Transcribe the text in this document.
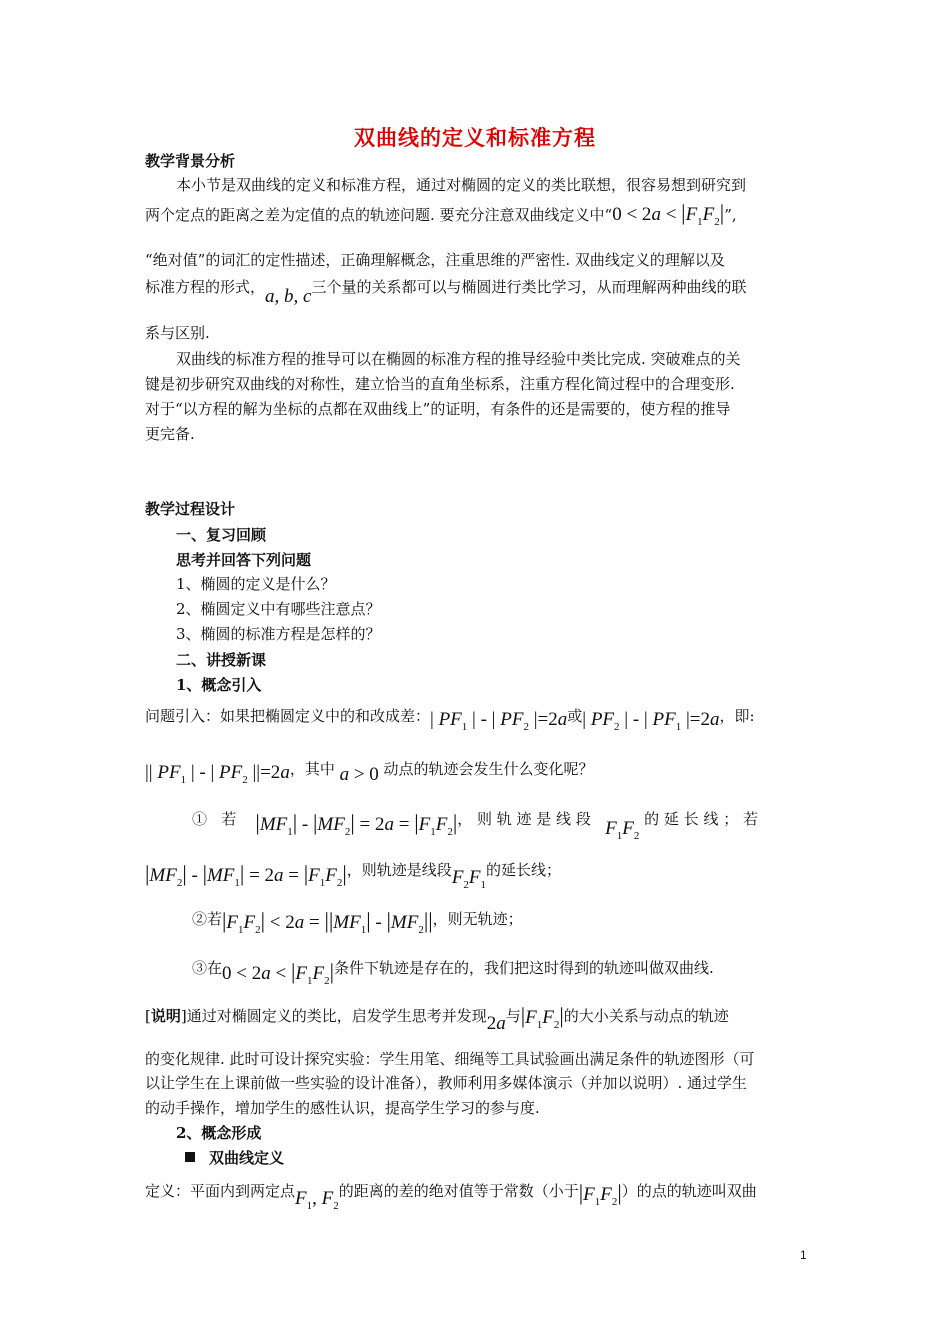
双曲线的定义和标准方程
教学背景分析
本小节是双曲线的定义和标准方程，通过对椭圆的定义的类比联想，很容易想到研究到
两个定点的距离之差为定值的点的轨迹问题. 要充分注意双曲线定义中“$0 < 2a < |F_1F_2|$”,
“绝对值”的词汇的定性描述，正确理解概念，注重思维的严密性. 双曲线定义的理解以及
标准方程的形式，a, b, c三个量的关系都可以与椭圆进行类比学习，从而理解两种曲线的联
系与区别.
双曲线的标准方程的推导可以在椭圆的标准方程的推导经验中类比完成. 突破难点的关
键是初步研究双曲线的对称性，建立恰当的直角坐标系，注重方程化简过程中的合理变形.
对于“以方程的解为坐标的点都在双曲线上”的证明，有条件的还是需要的，使方程的推导
更完备.
教学过程设计
一、复习回顾
思考并回答下列问题
1、椭圆的定义是什么？
2、椭圆定义中有哪些注意点？
3、椭圆的标准方程是怎样的？
二、讲授新课
1、概念引入
问题引入：如果把椭圆定义中的和改成差：| $PF_1$ | - | $PF_2$ |=2a或| $PF_2$ | - | $PF_1$ |=2a，即:
|| $PF_1$ | - | $PF_2$ ||=2a，其中 a > 0 动点的轨迹会发生什么变化呢？
① 若 $|MF_1| - |MF_2| = 2a = |F_1F_2|$， 则 轨 迹 是 线 段 $F_1F_2$ 的 延 长 线 ； 若
$|MF_2| - |MF_1| = 2a = |F_1F_2|$，则轨迹是线段$F_2F_1$的延长线；
②若$|F_1F_2| < 2a = ||MF_1| - |MF_2||$，则无轨迹；
③在$0 < 2a < |F_1F_2|$条件下轨迹是存在的，我们把这时得到的轨迹叫做双曲线.
[说明]通过对椭圆定义的类比，启发学生思考并发现2a与$|F_1F_2|$的大小关系与动点的轨迹
的变化规律. 此时可设计探究实验：学生用笔、细绳等工具试验画出满足条件的轨迹图形（可
以让学生在上课前做一些实验的设计准备），教师利用多媒体演示（并加以说明）. 通过学生
的动手操作，增加学生的感性认识，提高学生学习的参与度.
2、概念形成
双曲线定义
定义：平面内到两定点$F_1$, $F_2$的距离的差的绝对值等于常数（小于$|F_1F_2|$）的点的轨迹叫双曲
1
